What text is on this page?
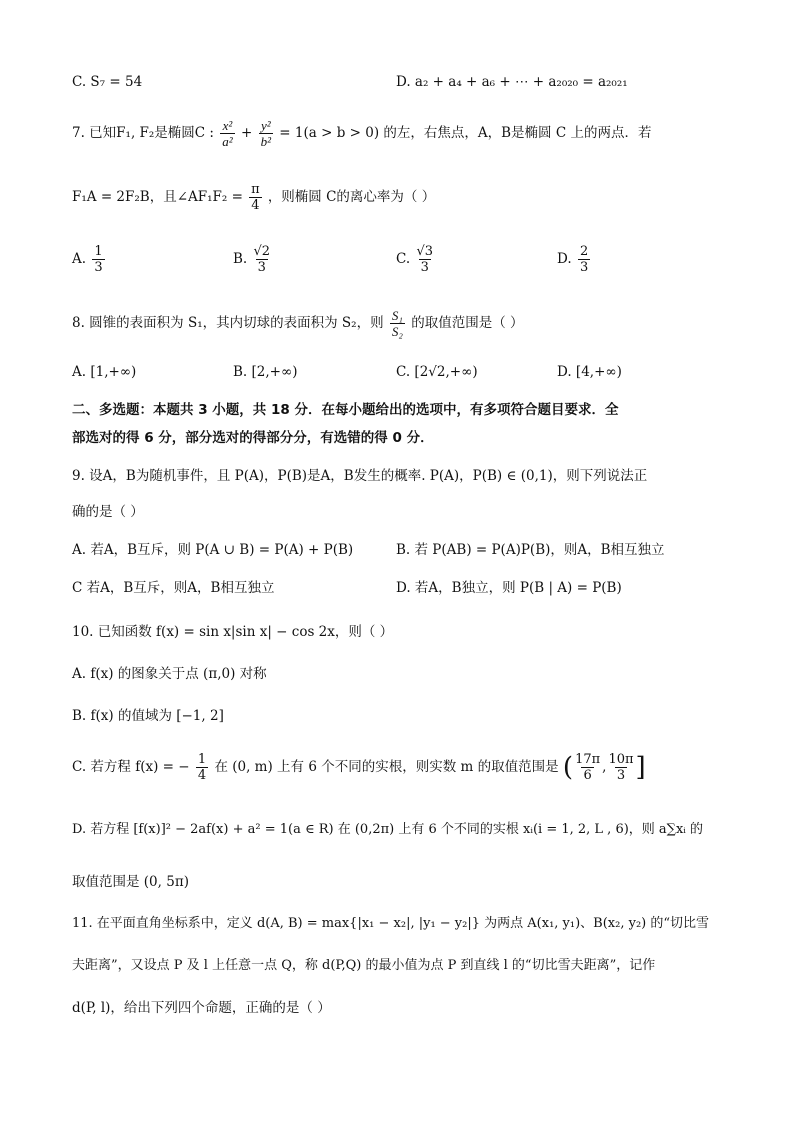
C. S₇ = 54	D. a₂ + a₄ + a₆ + ⋯ + a₂₀₂₀ = a₂₀₂₁
7. 已知F₁, F₂是椭圆C : $\frac{\text{x²}}{\text{a²}} + \frac{\text{y²}}{\text{b²}} = 1(a > b > 0)$ 的左，右焦点，A，B是椭圆 C 上的两点．若
F₁A = 2F₂B，且∠AF₁F₂ = $\frac{\pi}{4}$ ，则椭圆 C的离心率为（ ）
A. $\frac{1}{3}$	B. $\frac{√2}{3}$	C. $\frac{√3}{3}$	D. $\frac{2}{3}$
8. 圆锥的表面积为 S₁，其内切球的表面积为 S₂，则 $\frac{\text{S₁}}{\text{S₂}}$ 的取值范围是（ ）
A. [1,+∞)	B. [2,+∞)	C. [2√2,+∞)	D. [4,+∞)
二、多选题：本题共 3 小题，共 18 分．在每小题给出的选项中，有多项符合题目要求．全
部选对的得 6 分，部分选对的得部分分，有选错的得 0 分．
9. 设A，B为随机事件，且 P(A)，P(B)是A，B发生的概率. P(A)，P(B) ∈ (0,1)，则下列说法正
确的是（ ）
A. 若A，B互斥，则 P(A ∪ B) = P(A) + P(B)	B. 若 P(AB) = P(A)P(B)，则A，B相互独立
C 若A，B互斥，则A，B相互独立	D. 若A，B独立，则 P(B | A) = P(B)
10. 已知函数 f(x) = sin x|sin x| − cos 2x，则（ ）
A. f(x) 的图象关于点 (π,0) 对称
B. f(x) 的值域为 [−1, 2]
C. 若方程 f(x) = − $\frac{1}{4}$ 在 (0, m) 上有 6 个不同的实根，则实数 m 的取值范围是 ( $\frac{17\pi}{6}$ , $\frac{10\pi}{3}$ ]
D. 若方程 [f(x)]² − 2af(x) + a² = 1(a ∈ R) 在 (0,2π) 上有 6 个不同的实根 xᵢ(i = 1, 2, L , 6)，则 a∑xᵢ 的
取值范围是 (0, 5π)
11. 在平面直角坐标系中，定义 d(A, B) = max{|x₁ − x₂|, |y₁ − y₂|} 为两点 A(x₁, y₁)、B(x₂, y₂) 的“切比雪
夫距离”，又设点 P 及 l 上任意一点 Q，称 d(P,Q) 的最小值为点 P 到直线 l 的“切比雪夫距离”，记作
d(P, l)，给出下列四个命题，正确的是（ ）
